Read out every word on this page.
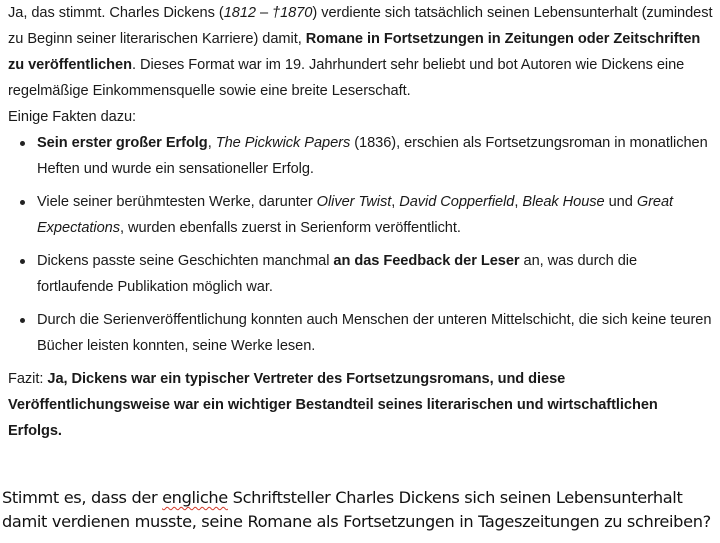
Ja, das stimmt. Charles Dickens (1812 – †1870) verdiente sich tatsächlich seinen Lebensunterhalt (zumindest zu Beginn seiner literarischen Karriere) damit, Romane in Fortsetzungen in Zeitungen oder Zeitschriften zu veröffentlichen. Dieses Format war im 19. Jahrhundert sehr beliebt und bot Autoren wie Dickens eine regelmäßige Einkommensquelle sowie eine breite Leserschaft.

Einige Fakten dazu:

Sein erster großer Erfolg, The Pickwick Papers (1836), erschien als Fortsetzungsroman in monatlichen Heften und wurde ein sensationeller Erfolg.
Viele seiner berühmtesten Werke, darunter Oliver Twist, David Copperfield, Bleak House und Great Expectations, wurden ebenfalls zuerst in Serienform veröffentlicht.
Dickens passte seine Geschichten manchmal an das Feedback der Leser an, was durch die fortlaufende Publikation möglich war.
Durch die Serienveröffentlichung konnten auch Menschen der unteren Mittelschicht, die sich keine teuren Bücher leisten konnten, seine Werke lesen.

Fazit: Ja, Dickens war ein typischer Vertreter des Fortsetzungsromans, und diese Veröffentlichungsweise war ein wichtiger Bestandteil seines literarischen und wirtschaftlichen Erfolgs.

Stimmt es, dass der engliche Schriftsteller Charles Dickens sich seinen Lebensunterhalt damit verdienen musste, seine Romane als Fortsetzungen in Tageszeitungen zu schreiben?
